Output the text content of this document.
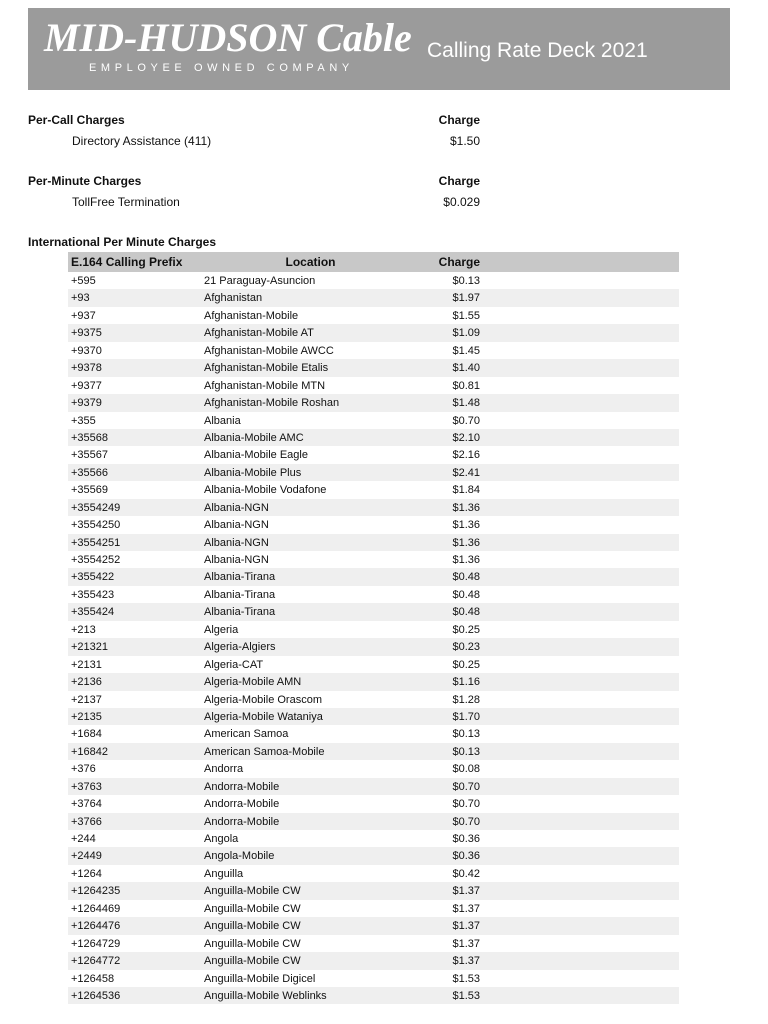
MID-HUDSON Cable
EMPLOYEE OWNED COMPANY
Calling Rate Deck 2021
Per-Call Charges	Charge
Directory Assistance (411)	$1.50
Per-Minute Charges	Charge
TollFree Termination	$0.029
International Per Minute Charges
E.164 Calling Prefix	Location	Charge
+595	21 Paraguay-Asuncion	$0.13
+93	Afghanistan	$1.97
+937	Afghanistan-Mobile	$1.55
+9375	Afghanistan-Mobile AT	$1.09
+9370	Afghanistan-Mobile AWCC	$1.45
+9378	Afghanistan-Mobile Etalis	$1.40
+9377	Afghanistan-Mobile MTN	$0.81
+9379	Afghanistan-Mobile Roshan	$1.48
+355	Albania	$0.70
+35568	Albania-Mobile AMC	$2.10
+35567	Albania-Mobile Eagle	$2.16
+35566	Albania-Mobile Plus	$2.41
+35569	Albania-Mobile Vodafone	$1.84
+3554249	Albania-NGN	$1.36
+3554250	Albania-NGN	$1.36
+3554251	Albania-NGN	$1.36
+3554252	Albania-NGN	$1.36
+355422	Albania-Tirana	$0.48
+355423	Albania-Tirana	$0.48
+355424	Albania-Tirana	$0.48
+213	Algeria	$0.25
+21321	Algeria-Algiers	$0.23
+2131	Algeria-CAT	$0.25
+2136	Algeria-Mobile AMN	$1.16
+2137	Algeria-Mobile Orascom	$1.28
+2135	Algeria-Mobile Wataniya	$1.70
+1684	American Samoa	$0.13
+16842	American Samoa-Mobile	$0.13
+376	Andorra	$0.08
+3763	Andorra-Mobile	$0.70
+3764	Andorra-Mobile	$0.70
+3766	Andorra-Mobile	$0.70
+244	Angola	$0.36
+2449	Angola-Mobile	$0.36
+1264	Anguilla	$0.42
+1264235	Anguilla-Mobile CW	$1.37
+1264469	Anguilla-Mobile CW	$1.37
+1264476	Anguilla-Mobile CW	$1.37
+1264729	Anguilla-Mobile CW	$1.37
+1264772	Anguilla-Mobile CW	$1.37
+126458	Anguilla-Mobile Digicel	$1.53
+1264536	Anguilla-Mobile Weblinks	$1.53
